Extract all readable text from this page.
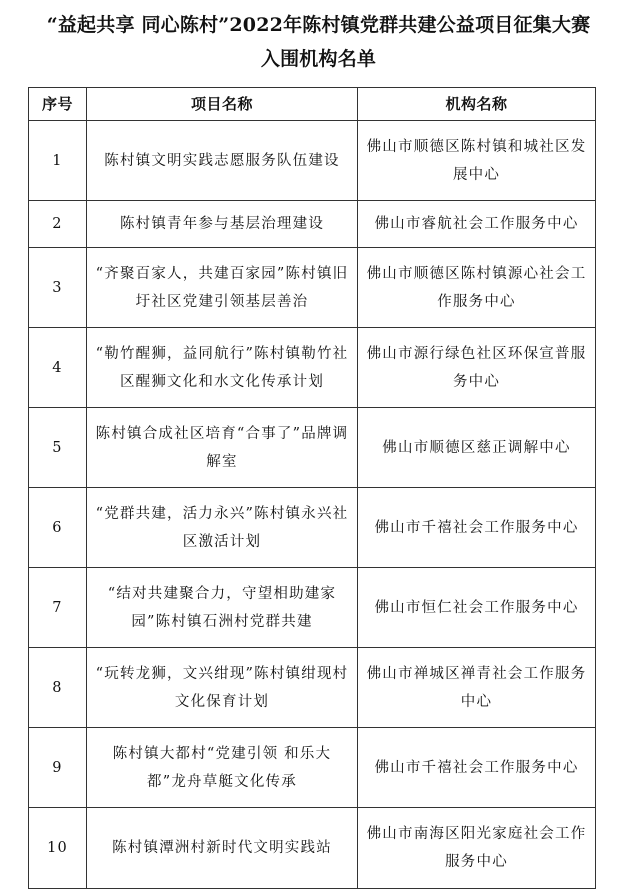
“益起共享 同心陈村”2022年陈村镇党群共建公益项目征集大赛
入围机构名单
序号	项目名称	机构名称
1	陈村镇文明实践志愿服务队伍建设	佛山市顺德区陈村镇和城社区发展中心
2	陈村镇青年参与基层治理建设	佛山市睿航社会工作服务中心
3	“齐聚百家人，共建百家园”陈村镇旧圩社区党建引领基层善治	佛山市顺德区陈村镇源心社会工作服务中心
4	“勒竹醒狮，益同航行”陈村镇勒竹社区醒狮文化和水文化传承计划	佛山市源行绿色社区环保宣普服务中心
5	陈村镇合成社区培育“合事了”品牌调解室	佛山市顺德区慈正调解中心
6	“党群共建，活力永兴”陈村镇永兴社区激活计划	佛山市千禧社会工作服务中心
7	“结对共建聚合力，守望相助建家园”陈村镇石洲村党群共建	佛山市恒仁社会工作服务中心
8	“玩转龙狮，文兴绀现”陈村镇绀现村文化保育计划	佛山市禅城区禅青社会工作服务中心
9	陈村镇大都村“党建引领 和乐大都”龙舟草艇文化传承	佛山市千禧社会工作服务中心
10	陈村镇潭洲村新时代文明实践站	佛山市南海区阳光家庭社会工作服务中心
